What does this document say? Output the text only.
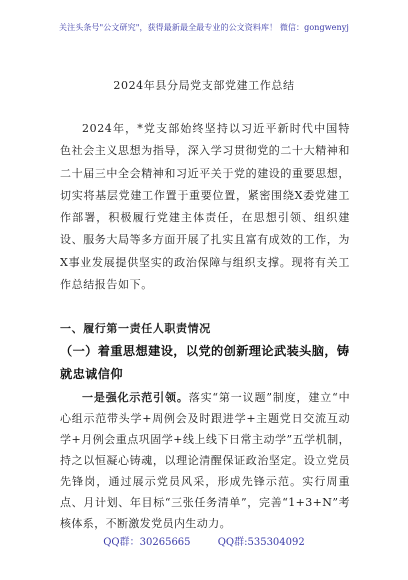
关注头条号"公文研究"，获得最新最全最专业的公文资料库！ 微信：gongwenyj
2024年县分局党支部党建工作总结

2024年，*党支部始终坚持以习近平新时代中国特色社会主义思想为指导，深入学习贯彻党的二十大精神和二十届三中全会精神和习近平关于党的建设的重要思想，切实将基层党建工作置于重要位置，紧密围绕X委党建工作部署，积极履行党建主体责任，在思想引领、组织建设、服务大局等多方面开展了扎实且富有成效的工作，为X事业发展提供坚实的政治保障与组织支撑。现将有关工作总结报告如下。

一、履行第一责任人职责情况

（一）着重思想建设，以党的创新理论武装头脑，铸就忠诚信仰

一是强化示范引领。落实“第一议题”制度，建立“中心组示范带头学+周例会及时跟进学+主题党日交流互动学+月例会重点巩固学+线上线下日常主动学”五学机制，持之以恒凝心铸魂，以理论清醒保证政治坚定。设立党员先锋岗，通过展示党员风采，形成先锋示范。实行周重点、月计划、年目标“三张任务清单”，完善“1+3+N”考核体系，不断激发党员内生动力。

QQ群：30265665	QQ群:535304092
